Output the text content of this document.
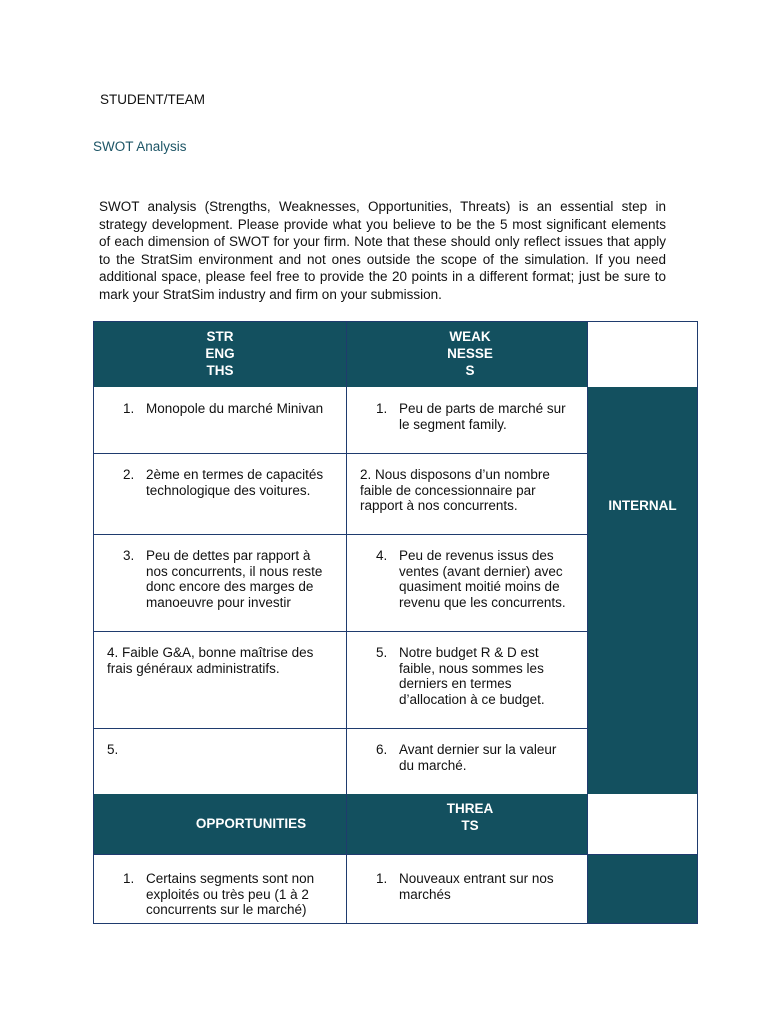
STUDENT/TEAM
SWOT Analysis
SWOT analysis (Strengths, Weaknesses, Opportunities, Threats) is an essential step in strategy development. Please provide what you believe to be the 5 most significant elements of each dimension of SWOT for your firm. Note that these should only reflect issues that apply to the StratSim environment and not ones outside the scope of the simulation. If you need additional space, please feel free to provide the 20 points in a different format; just be sure to mark your StratSim industry and firm on your submission.
STR
ENG
THS
WEAK
NESSE
S
INTERNAL
OPPORTUNITIES
THREA
TS
1. Monopole du marché Minivan
2. 2ème en termes de capacités
technologique des voitures.
3. Peu de dettes par rapport à
nos concurrents, il nous reste
donc encore des marges de
manoeuvre pour investir
4. Faible G&A, bonne maîtrise des
frais généraux administratifs.
5.
1. Peu de parts de marché sur
le segment family.
2. Nous disposons d’un nombre
faible de concessionnaire par
rapport à nos concurrents.
4. Peu de revenus issus des
ventes (avant dernier) avec
quasiment moitié moins de
revenu que les concurrents.
5. Notre budget R & D est
faible, nous sommes les
derniers en termes
d’allocation à ce budget.
6. Avant dernier sur la valeur
du marché.
1. Certains segments sont non
exploités ou très peu (1 à 2
concurrents sur le marché)
1. Nouveaux entrant sur nos
marchés
